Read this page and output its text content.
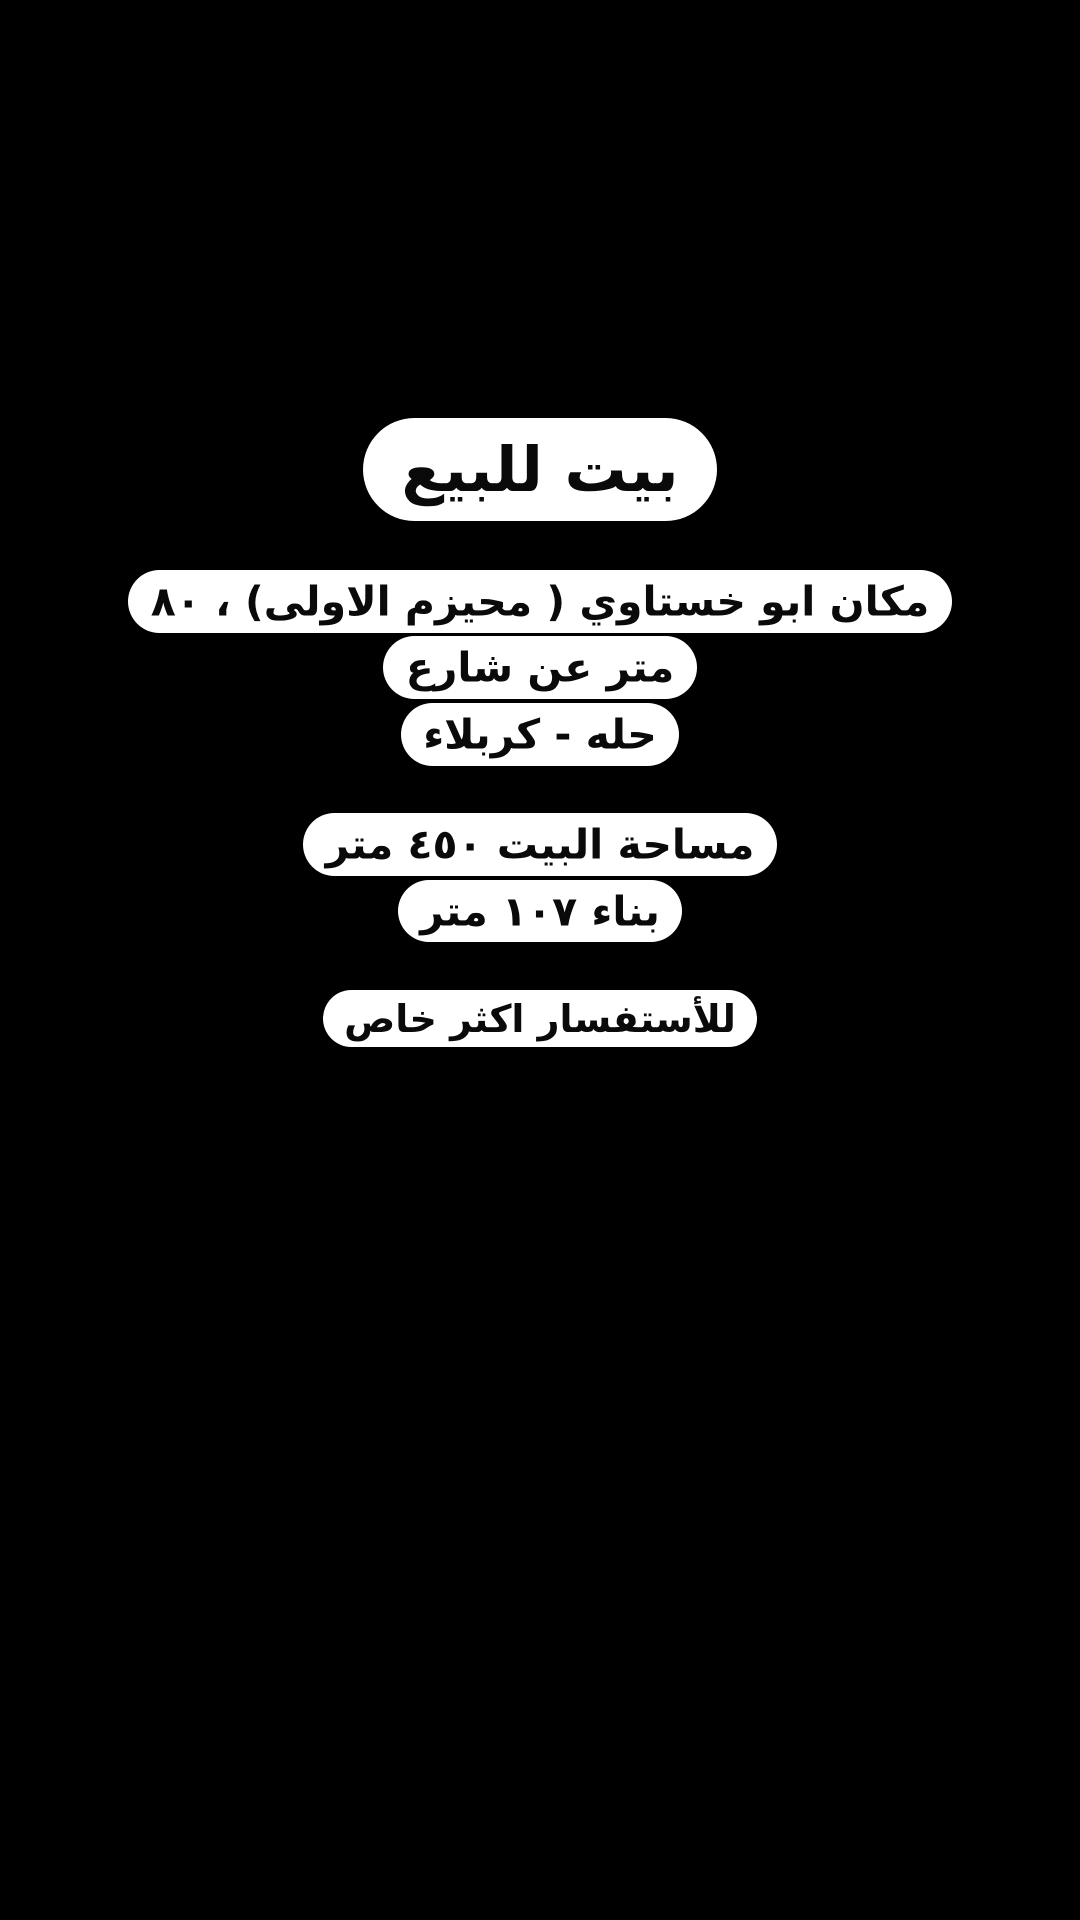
بيت للبيع
مكان ابو خستاوي ( محيزم الاولى) ، ٨٠ متر عن شارع
حله - كربلاء
مساحة البيت ٤٥٠ متر
بناء ١٠٧ متر
للأستفسار اكثر خاص
